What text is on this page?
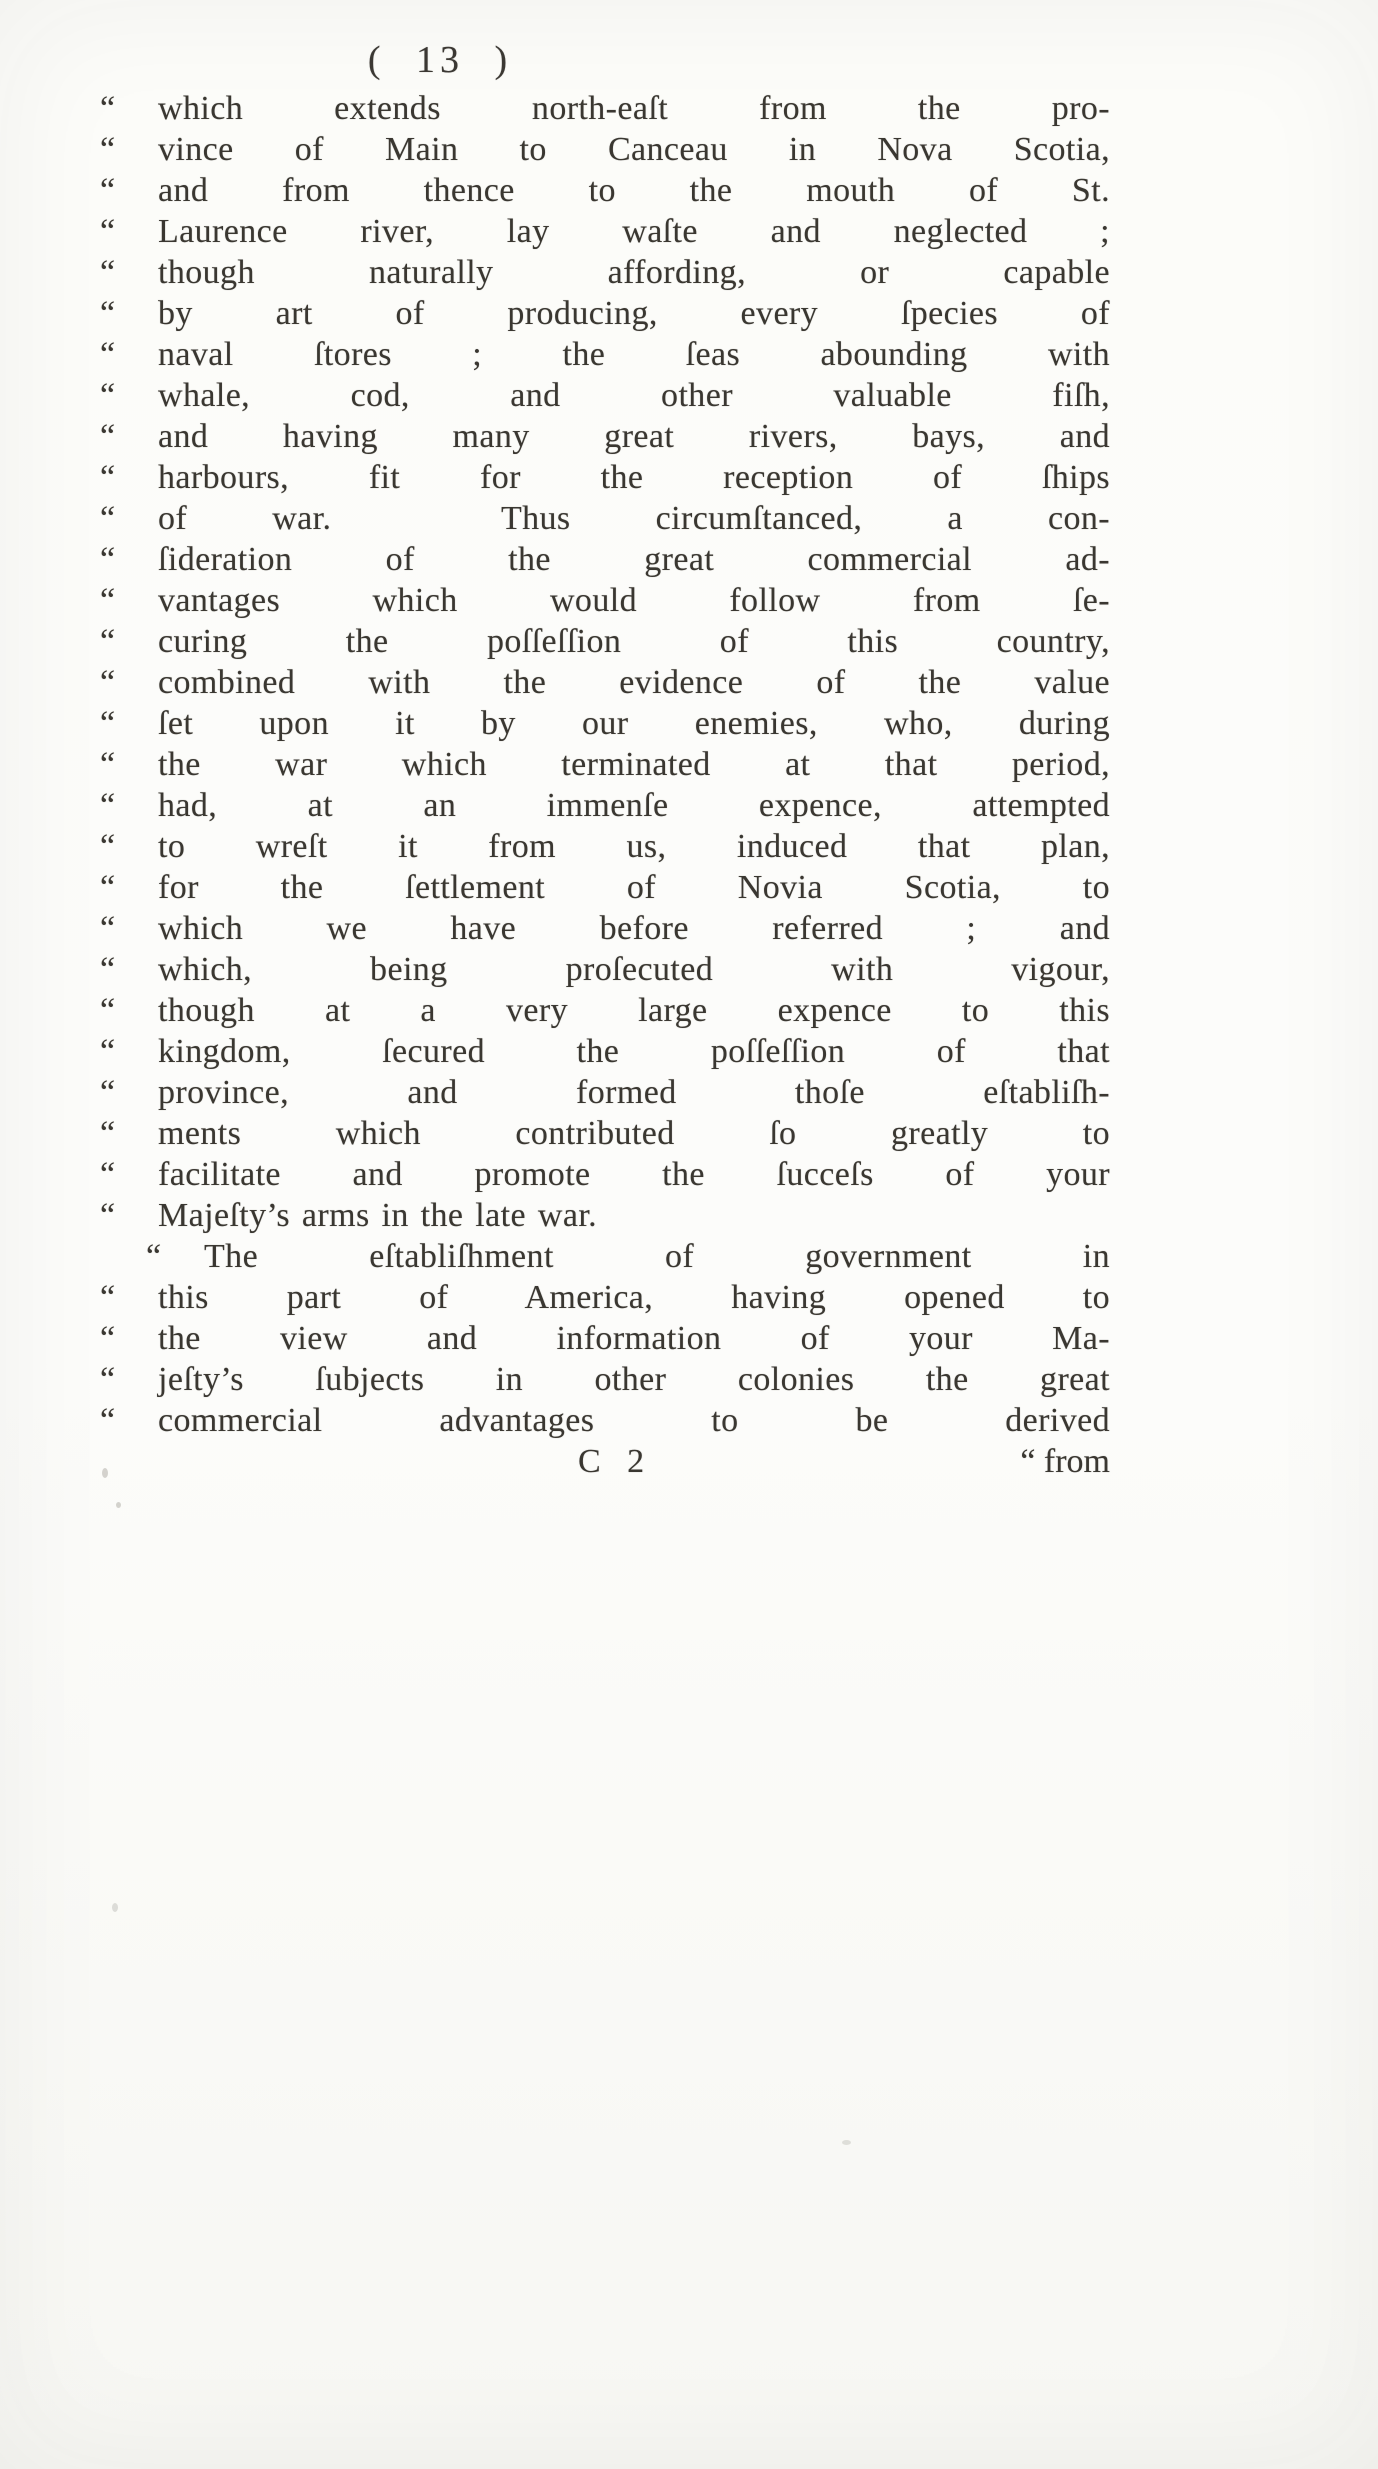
( 13 )
“ which extends north-eaſt from the pro-
“ vince of Main to Canceau in Nova Scotia,
“ and from thence to the mouth of St.
“ Laurence river, lay waſte and neglected ;
“ though naturally affording, or capable
“ by art of producing, every ſpecies of
“ naval ſtores ; the ſeas abounding with
“ whale, cod, and other valuable fiſh,
“ and having many great rivers, bays, and
“ harbours, fit for the reception of ſhips
“ of war.  Thus circumſtanced, a con-
“ ſideration of the great commercial ad-
“ vantages which would follow from ſe-
“ curing the poſſeſſion of this country,
“ combined with the evidence of the value
“ ſet upon it by our enemies, who, during
“ the war which terminated at that period,
“ had, at an immenſe expence, attempted
“ to wreſt it from us, induced that plan,
“ for the ſettlement of Novia Scotia, to
“ which we have before referred ; and
“ which, being proſecuted with vigour,
“ though at a very large expence to this
“ kingdom, ſecured the poſſeſſion of that
“ province, and formed thoſe eſtabliſh-
“ ments which contributed ſo greatly to
“ facilitate and promote the ſucceſs of your
“ Majeſty’s arms in the late war.
“ The eſtabliſhment of government in
“ this part of America, having opened to
“ the view and information of your Ma-
“ jeſty’s ſubjects in other colonies the great
“ commercial advantages to be derived
C 2	“ from
